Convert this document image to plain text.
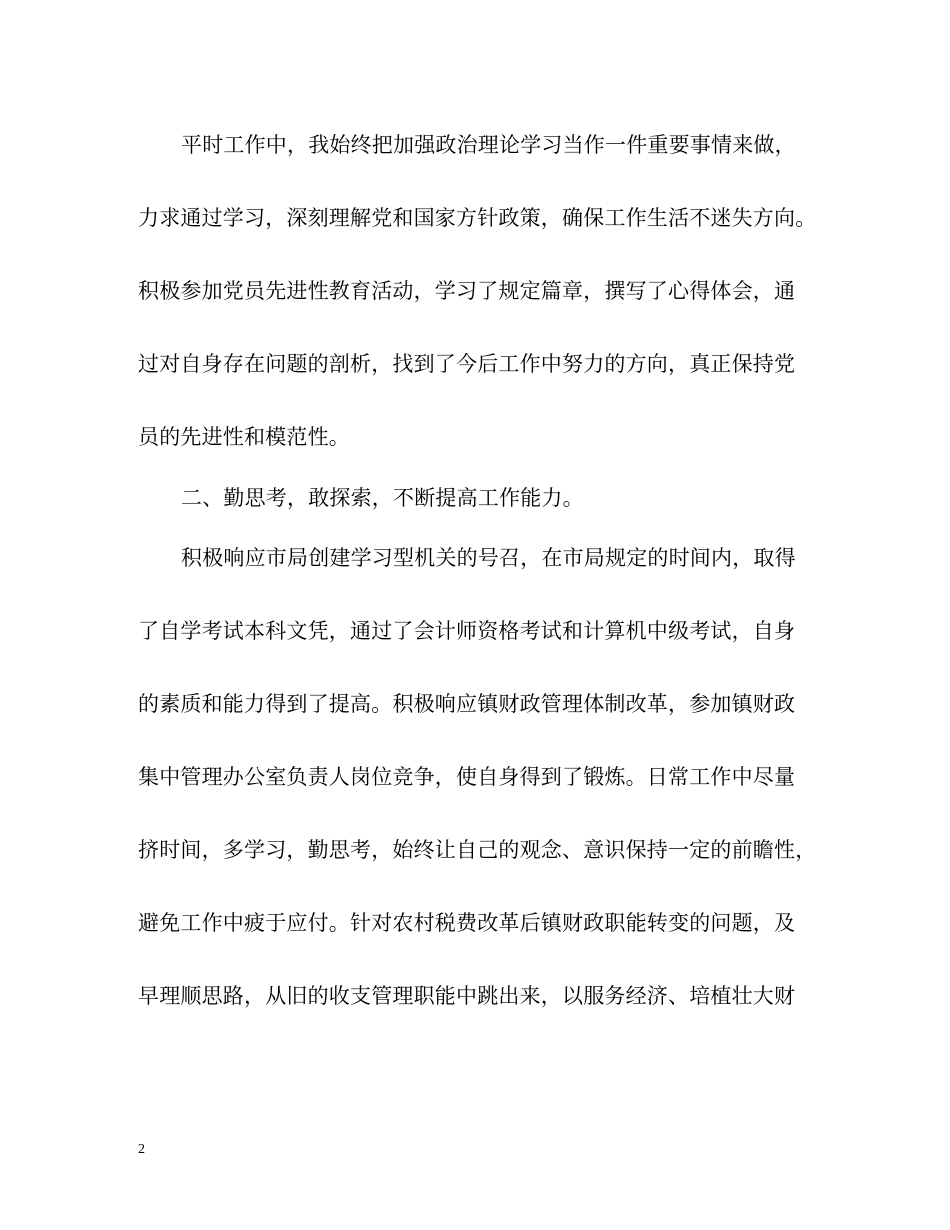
平时工作中，我始终把加强政治理论学习当作一件重要事情来做，
力求通过学习，深刻理解党和国家方针政策，确保工作生活不迷失方向。
积极参加党员先进性教育活动，学习了规定篇章，撰写了心得体会，通
过对自身存在问题的剖析，找到了今后工作中努力的方向，真正保持党
员的先进性和模范性。
二、勤思考，敢探索，不断提高工作能力。
积极响应市局创建学习型机关的号召，在市局规定的时间内，取得
了自学考试本科文凭，通过了会计师资格考试和计算机中级考试，自身
的素质和能力得到了提高。积极响应镇财政管理体制改革，参加镇财政
集中管理办公室负责人岗位竞争，使自身得到了锻炼。日常工作中尽量
挤时间，多学习，勤思考，始终让自己的观念、意识保持一定的前瞻性，
避免工作中疲于应付。针对农村税费改革后镇财政职能转变的问题，及
早理顺思路，从旧的收支管理职能中跳出来，以服务经济、培植壮大财
2
